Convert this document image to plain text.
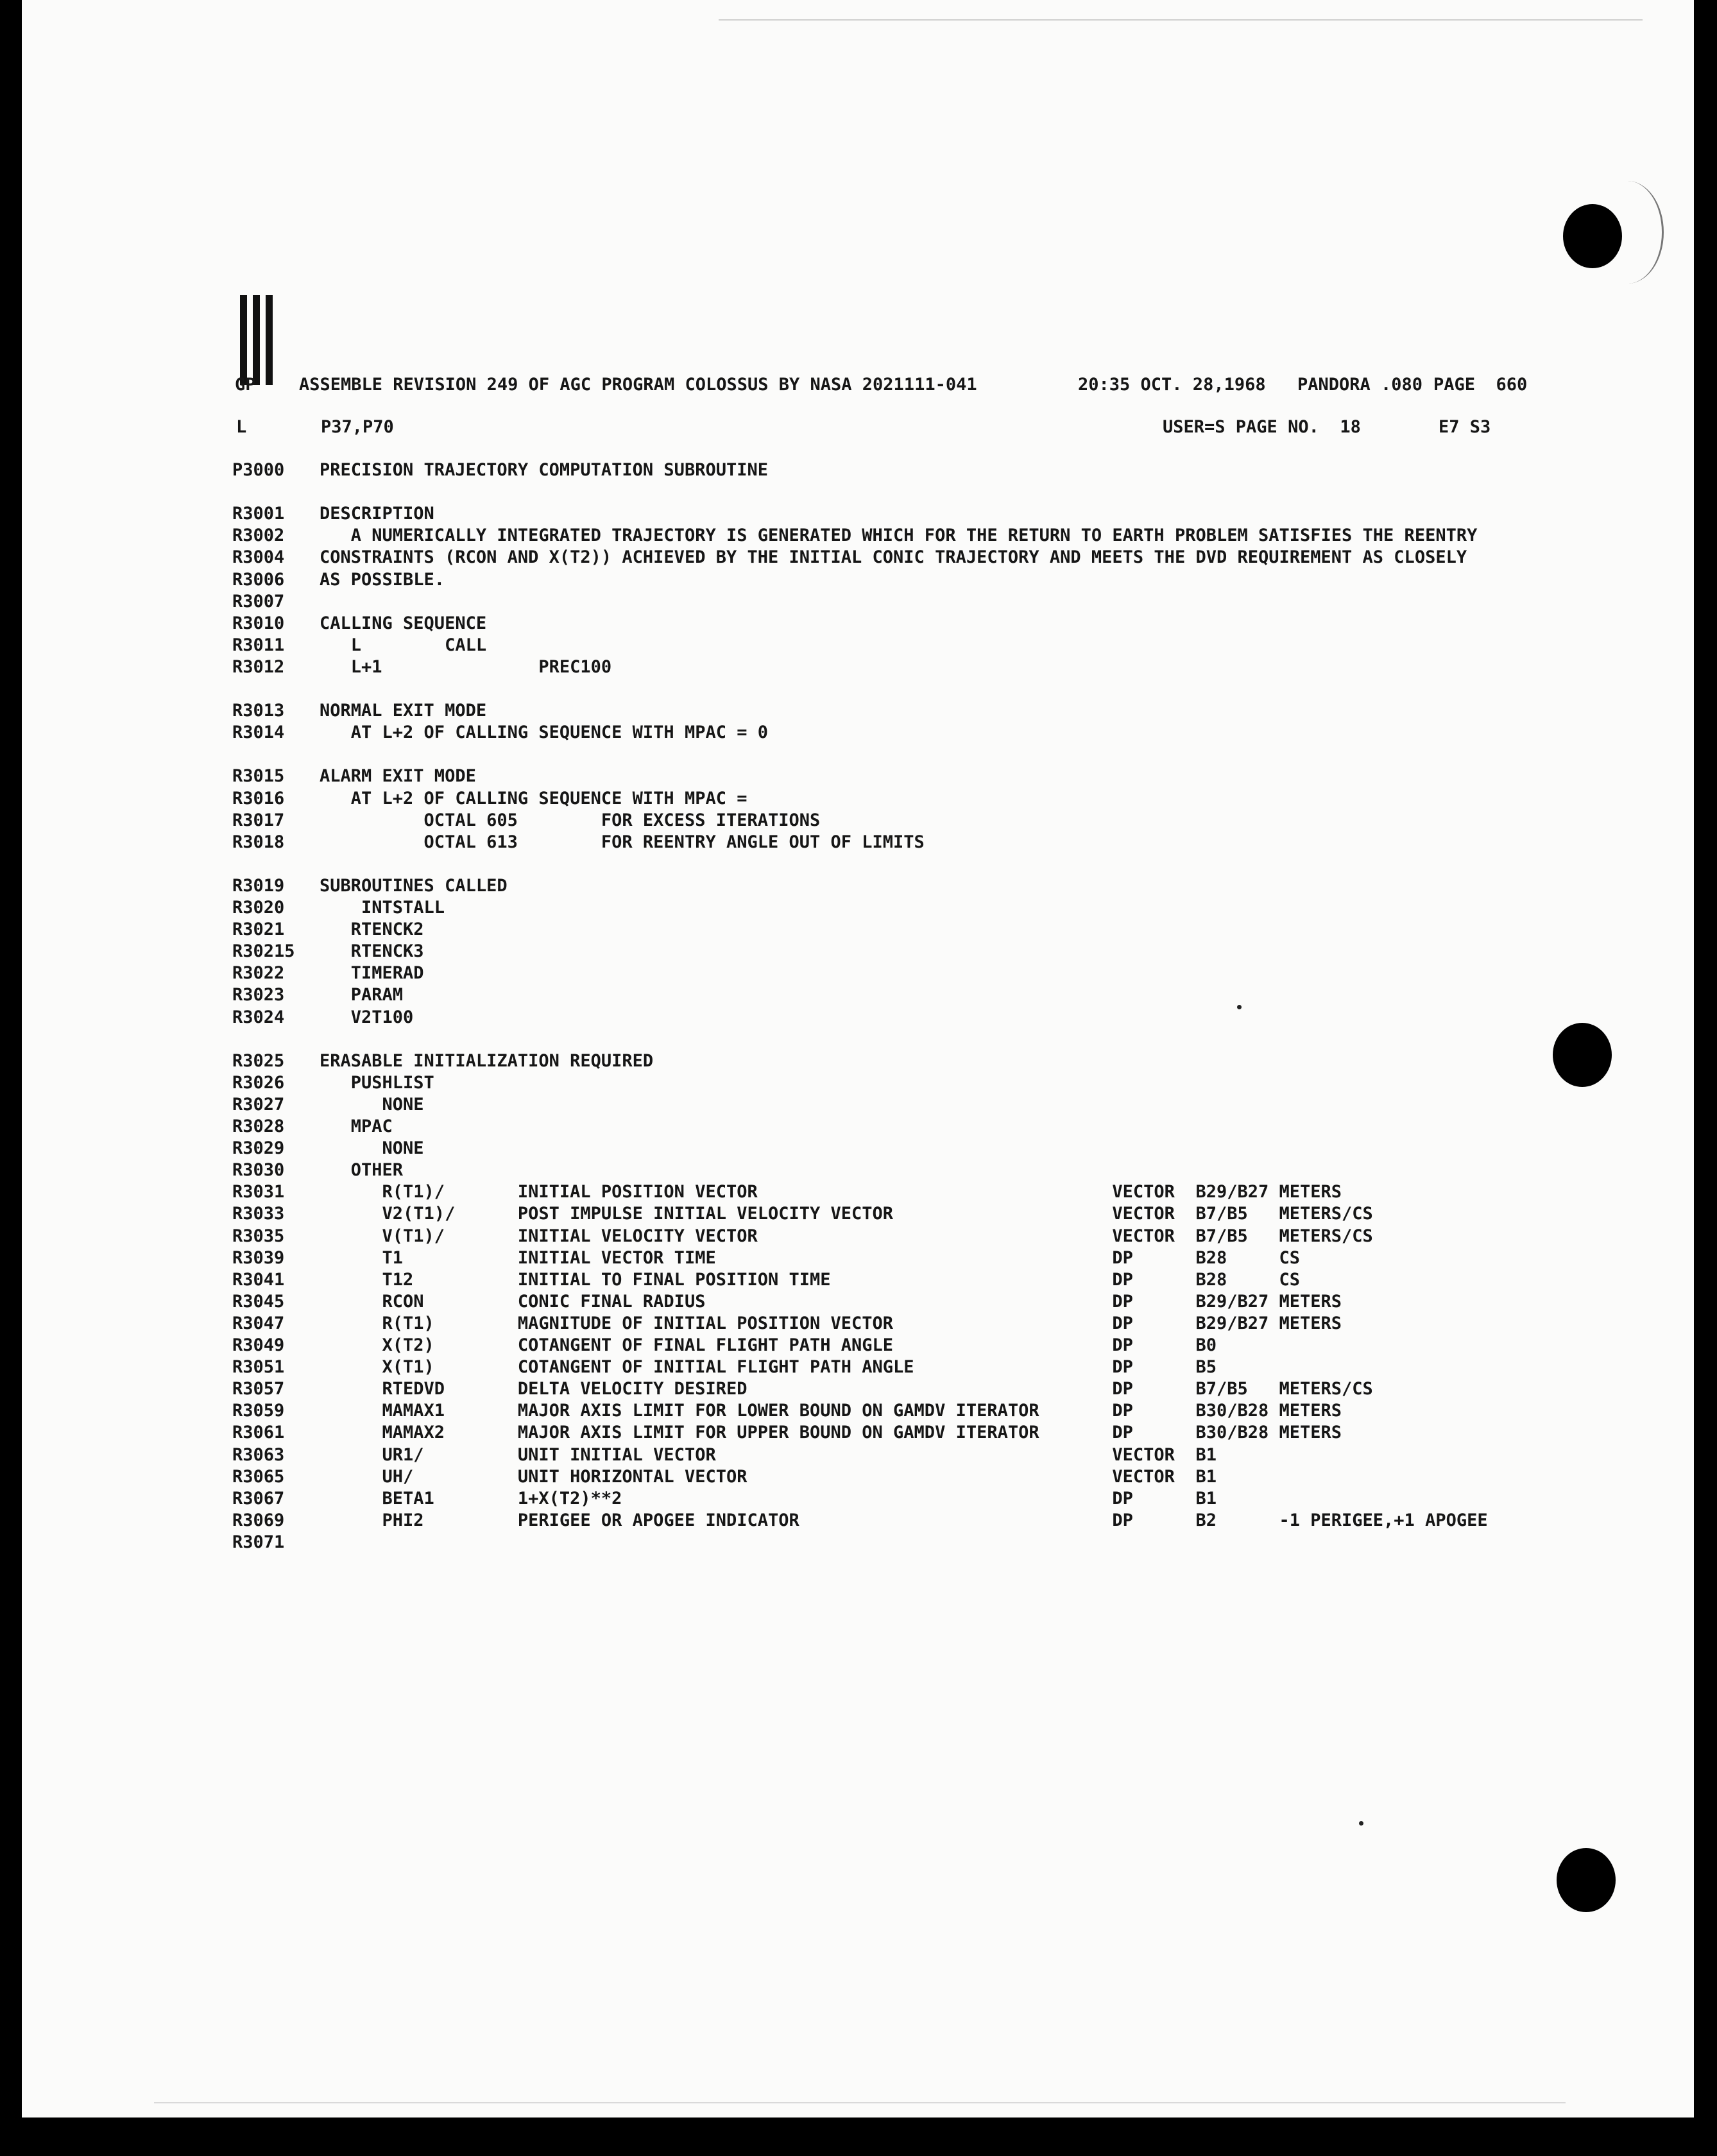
GP ASSEMBLE REVISION 249 OF AGC PROGRAM COLOSSUS BY NASA 2021111-041	20:35 OCT. 28,1968 PANDORA .080 PAGE  660

L	P37,P70	USER=S PAGE NO.  18	E7 S3

P3000 PRECISION TRAJECTORY COMPUTATION SUBROUTINE

R3001 DESCRIPTION

R3002 A NUMERICALLY INTEGRATED TRAJECTORY IS GENERATED WHICH FOR THE RETURN TO EARTH PROBLEM SATISFIES THE REENTRY

R3004 CONSTRAINTS (RCON AND X(T2)) ACHIEVED BY THE INITIAL CONIC TRAJECTORY AND MEETS THE DVD REQUIREMENT AS CLOSELY

R3006 AS POSSIBLE.

R3007

R3010 CALLING SEQUENCE

R3011 L        CALL

R3012 L+1               PREC100

R3013 NORMAL EXIT MODE

R3014 AT L+2 OF CALLING SEQUENCE WITH MPAC = 0

R3015 ALARM EXIT MODE

R3016 AT L+2 OF CALLING SEQUENCE WITH MPAC =

R3017 OCTAL 605        FOR EXCESS ITERATIONS

R3018 OCTAL 613        FOR REENTRY ANGLE OUT OF LIMITS

R3019 SUBROUTINES CALLED

R3020 INTSTALL

R3021 RTENCK2

R30215 RTENCK3

R3022 TIMERAD

R3023 PARAM

R3024 V2T100

R3025 ERASABLE INITIALIZATION REQUIRED

R3026 PUSHLIST

R3027 NONE

R3028 MPAC

R3029 NONE

R3030 OTHER

R3031 R(T1)/       INITIAL POSITION VECTOR                                  VECTOR  B29/B27 METERS

R3033 V2(T1)/      POST IMPULSE INITIAL VELOCITY VECTOR                     VECTOR  B7/B5   METERS/CS

R3035 V(T1)/       INITIAL VELOCITY VECTOR                                  VECTOR  B7/B5   METERS/CS

R3039 T1           INITIAL VECTOR TIME                                      DP      B28     CS

R3041 T12          INITIAL TO FINAL POSITION TIME                           DP      B28     CS

R3045 RCON         CONIC FINAL RADIUS                                       DP      B29/B27 METERS

R3047 R(T1)        MAGNITUDE OF INITIAL POSITION VECTOR                     DP      B29/B27 METERS

R3049 X(T2)        COTANGENT OF FINAL FLIGHT PATH ANGLE                     DP      B0

R3051 X(T1)        COTANGENT OF INITIAL FLIGHT PATH ANGLE                   DP      B5

R3057 RTEDVD       DELTA VELOCITY DESIRED                                   DP      B7/B5   METERS/CS

R3059 MAMAX1       MAJOR AXIS LIMIT FOR LOWER BOUND ON GAMDV ITERATOR       DP      B30/B28 METERS

R3061 MAMAX2       MAJOR AXIS LIMIT FOR UPPER BOUND ON GAMDV ITERATOR       DP      B30/B28 METERS

R3063 UR1/         UNIT INITIAL VECTOR                                      VECTOR  B1

R3065 UH/          UNIT HORIZONTAL VECTOR                                   VECTOR  B1

R3067 BETA1        1+X(T2)**2                                               DP      B1

R3069 PHI2         PERIGEE OR APOGEE INDICATOR                              DP      B2      -1 PERIGEE,+1 APOGEE

R3071
